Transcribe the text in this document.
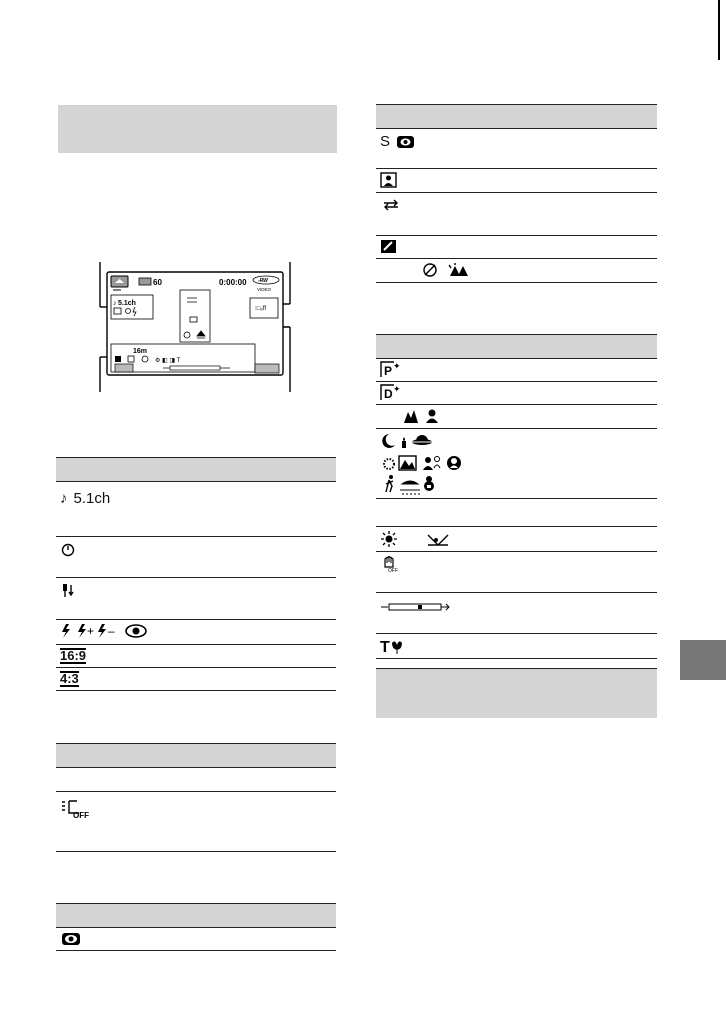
60	0:00:00 -RW
VIDEO
♪ 5.1ch
⁝□ₒff
16m
⚙ ◧ ◨ T
♪ 5.1ch
+ –
16:9
4:3
OFF
S
P ✦
D ✦
OFF
T
